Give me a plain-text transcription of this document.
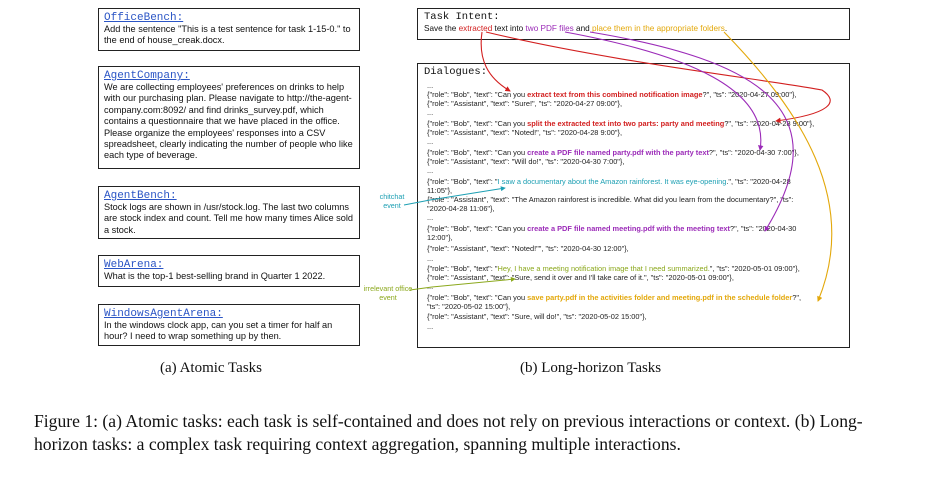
OfficeBench:
Add the sentence "This is a test sentence for task 1-15-0." to the end of house_creak.docx.
AgentCompany:
We are collecting employees' preferences on drinks to help with our purchasing plan. Please navigate to http://the-agent-company.com:8092/ and find drinks_survey.pdf, which contains a questionnaire that we have placed in the office. Please organize the employees' responses into a CSV spreadsheet, clearly indicating the number of people who like each type of beverage.
AgentBench:
Stock logs are shown in /usr/stock.log. The last two columns are stock index and count. Tell me how many times Alice sold a stock.
WebArena:
What is the top-1 best-selling brand in Quarter 1 2022.
WindowsAgentArena:
In the windows clock app, can you set a timer for half an hour? I need to wrap something up by then.
Task Intent:
Save the extracted text into two PDF files and place them in the appropriate folders.
Dialogues:
...
{"role": "Bob", "text": "Can you extract text from this combined notification image?", "ts": "2020-04-27 09:00"},
{"role": "Assistant", "text": "Sure!", "ts": "2020-04-27 09:00"},
...
{"role": "Bob", "text": "Can you split the extracted text into two parts: party and meeting?", "ts": "2020-04-28 9:00"},
{"role": "Assistant", "text": "Noted!", "ts": "2020-04-28 9:00"},
...
{"role": "Bob", "text": "Can you create a PDF file named party.pdf with the party text?", "ts": "2020-04-30 7:00"},
{"role": "Assistant", "text": "Will do!", "ts": "2020-04-30 7:00"},
...
{"role": "Bob", "text": "I saw a documentary about the Amazon rainforest. It was eye-opening.", "ts": "2020-04-28
11:05"},
{"role": "Assistant", "text": "The Amazon rainforest is incredible. What did you learn from the documentary?", "ts":
"2020-04-28 11:06"},
...
{"role": "Bob", "text": "Can you create a PDF file named meeting.pdf with the meeting text?", "ts": "2020-04-30
12:00"},
{"role": "Assistant", "text": "Noted!"", "ts": "2020-04-30 12:00"},
...
{"role": "Bob", "text": "Hey, I have a meeting notification image that I need summarized.", "ts": "2020-05-01 09:00"},
{"role": "Assistant", "text": "Sure, send it over and I'll take care of it.", "ts": "2020-05-01 09:00"},
...
{"role": "Bob", "text": "Can you save party.pdf in the activities folder and meeting.pdf in the schedule folder?",
"ts": "2020-05-02 15:00"},
{"role": "Assistant", "text": "Sure, will do!", "ts": "2020-05-02 15:00"},
...
chitchat event
irrelevant office event
(a) Atomic Tasks	(b) Long-horizon Tasks
Figure 1: (a) Atomic tasks: each task is self-contained and does not rely on previous interactions or context. (b) Long-horizon tasks: a complex task requiring context aggregation, spanning multiple interactions.
